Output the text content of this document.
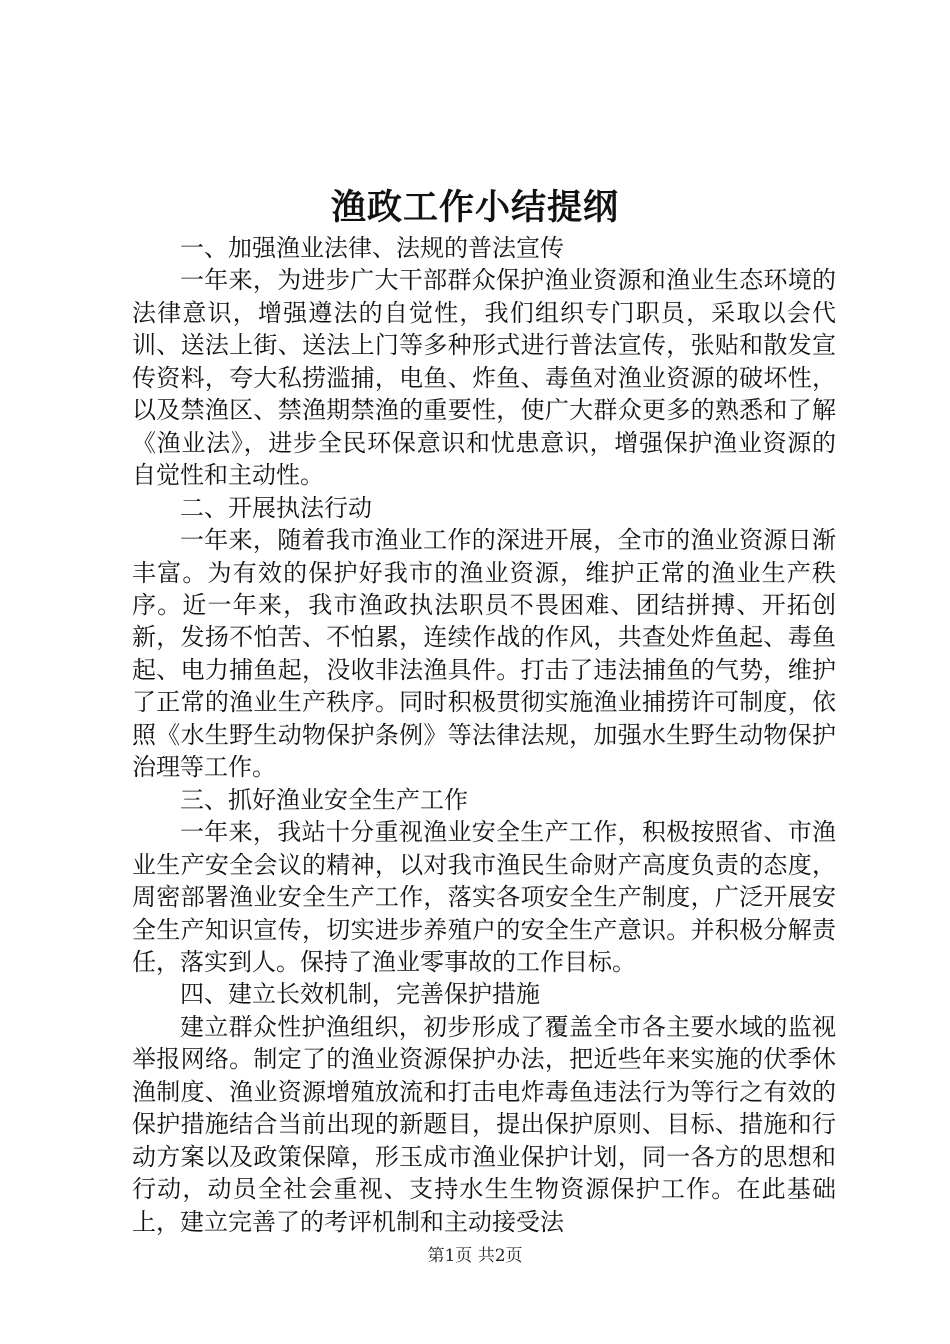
渔政工作小结提纲

一、加强渔业法律、法规的普法宣传

一年来，为进步广大干部群众保护渔业资源和渔业生态环境的法律意识，增强遵法的自觉性，我们组织专门职员，采取以会代训、送法上街、送法上门等多种形式进行普法宣传，张贴和散发宣传资料，夸大私捞滥捕，电鱼、炸鱼、毒鱼对渔业资源的破坏性，以及禁渔区、禁渔期禁渔的重要性，使广大群众更多的熟悉和了解《渔业法》，进步全民环保意识和忧患意识，增强保护渔业资源的自觉性和主动性。

二、开展执法行动

一年来，随着我市渔业工作的深进开展，全市的渔业资源日渐丰富。为有效的保护好我市的渔业资源，维护正常的渔业生产秩序。近一年来，我市渔政执法职员不畏困难、团结拼搏、开拓创新，发扬不怕苦、不怕累，连续作战的作风，共查处炸鱼起、毒鱼起、电力捕鱼起，没收非法渔具件。打击了违法捕鱼的气势，维护了正常的渔业生产秩序。同时积极贯彻实施渔业捕捞许可制度，依照《水生野生动物保护条例》等法律法规，加强水生野生动物保护治理等工作。

三、抓好渔业安全生产工作

一年来，我站十分重视渔业安全生产工作，积极按照省、市渔业生产安全会议的精神，以对我市渔民生命财产高度负责的态度，周密部署渔业安全生产工作，落实各项安全生产制度，广泛开展安全生产知识宣传，切实进步养殖户的安全生产意识。并积极分解责任，落实到人。保持了渔业零事故的工作目标。

四、建立长效机制，完善保护措施

建立群众性护渔组织，初步形成了覆盖全市各主要水域的监视举报网络。制定了的渔业资源保护办法，把近些年来实施的伏季休渔制度、渔业资源增殖放流和打击电炸毒鱼违法行为等行之有效的保护措施结合当前出现的新题目，提出保护原则、目标、措施和行动方案以及政策保障，形玉成市渔业保护计划，同一各方的思想和行动，动员全社会重视、支持水生生物资源保护工作。在此基础上，建立完善了的考评机制和主动接受法

第1页 共2页
